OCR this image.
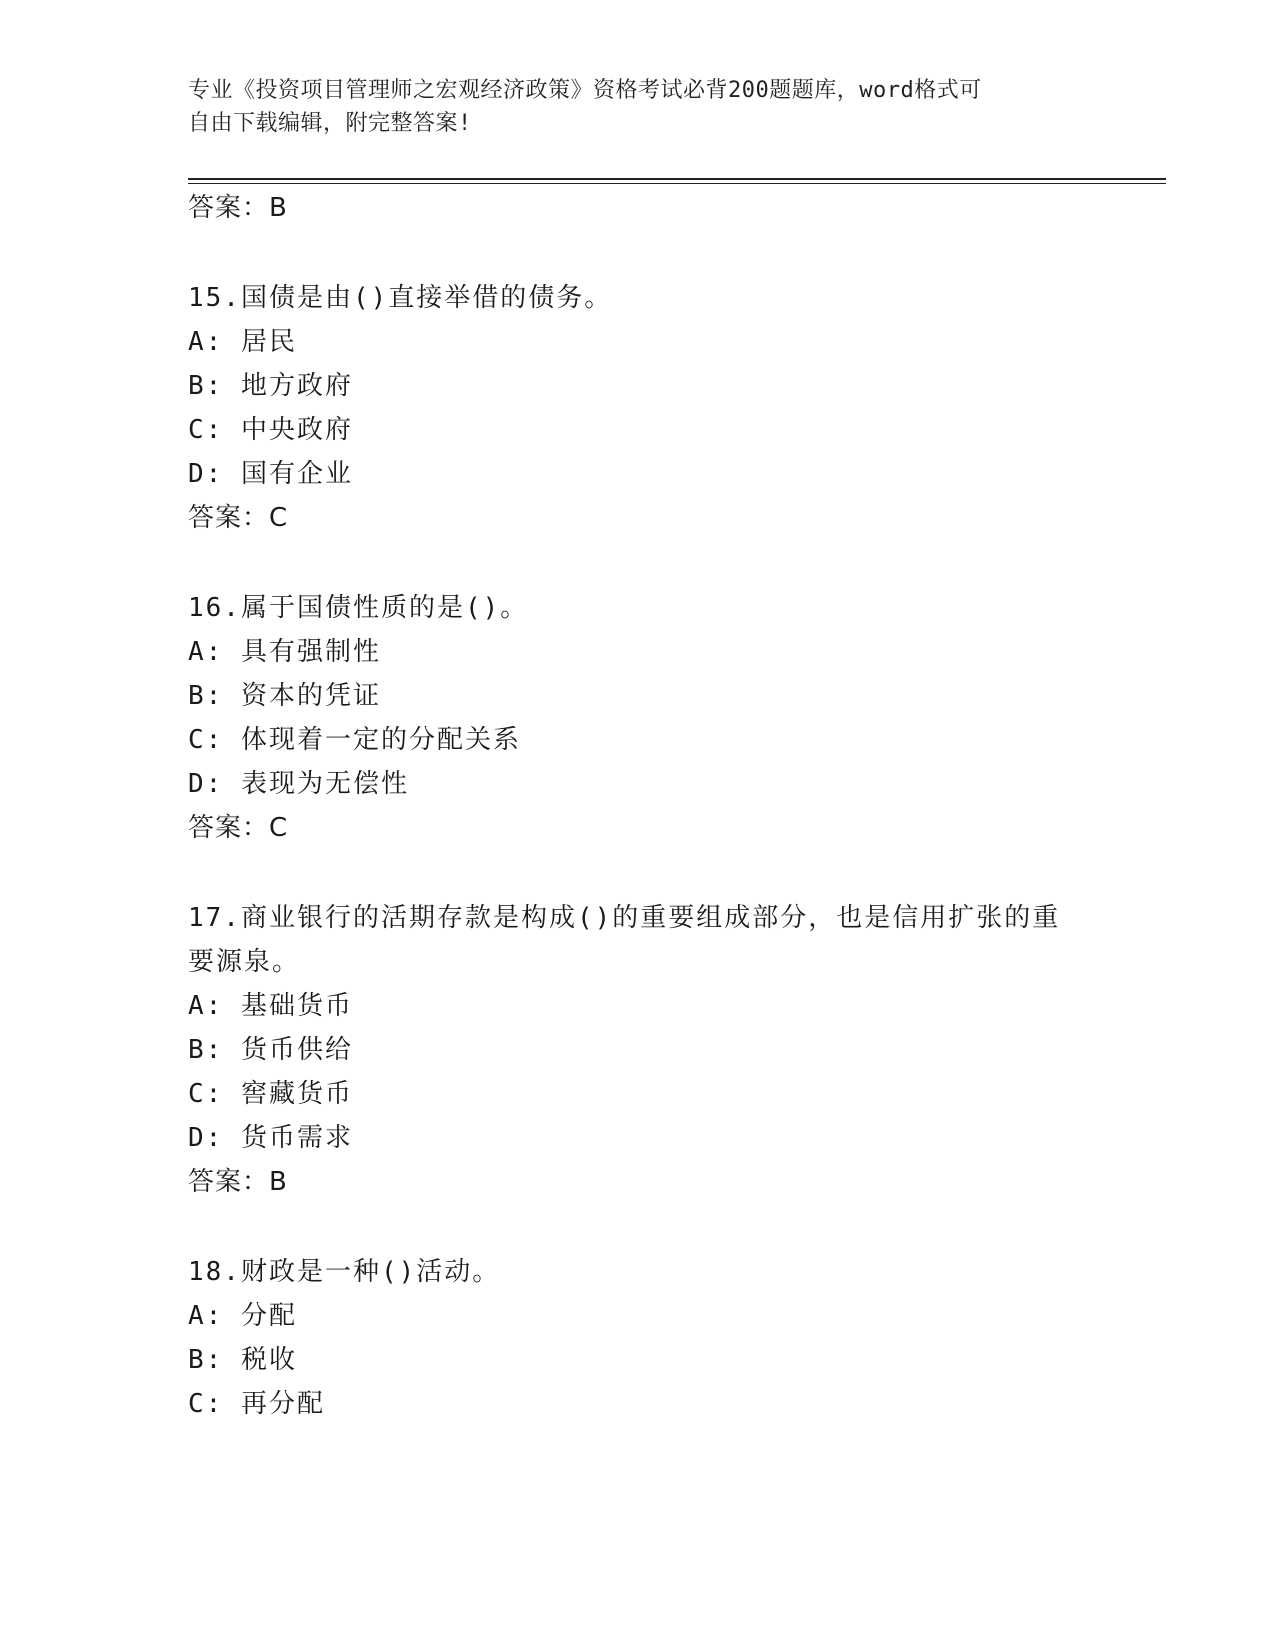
专业《投资项目管理师之宏观经济政策》资格考试必背200题题库，word格式可
自由下载编辑，附完整答案!
答案：B
15.国债是由()直接举借的债务。
A: 居民
B: 地方政府
C: 中央政府
D: 国有企业
答案：C
16.属于国债性质的是()。
A: 具有强制性
B: 资本的凭证
C: 体现着一定的分配关系
D: 表现为无偿性
答案：C
17.商业银行的活期存款是构成()的重要组成部分，也是信用扩张的重
要源泉。
A: 基础货币
B: 货币供给
C: 窖藏货币
D: 货币需求
答案：B
18.财政是一种()活动。
A: 分配
B: 税收
C: 再分配
